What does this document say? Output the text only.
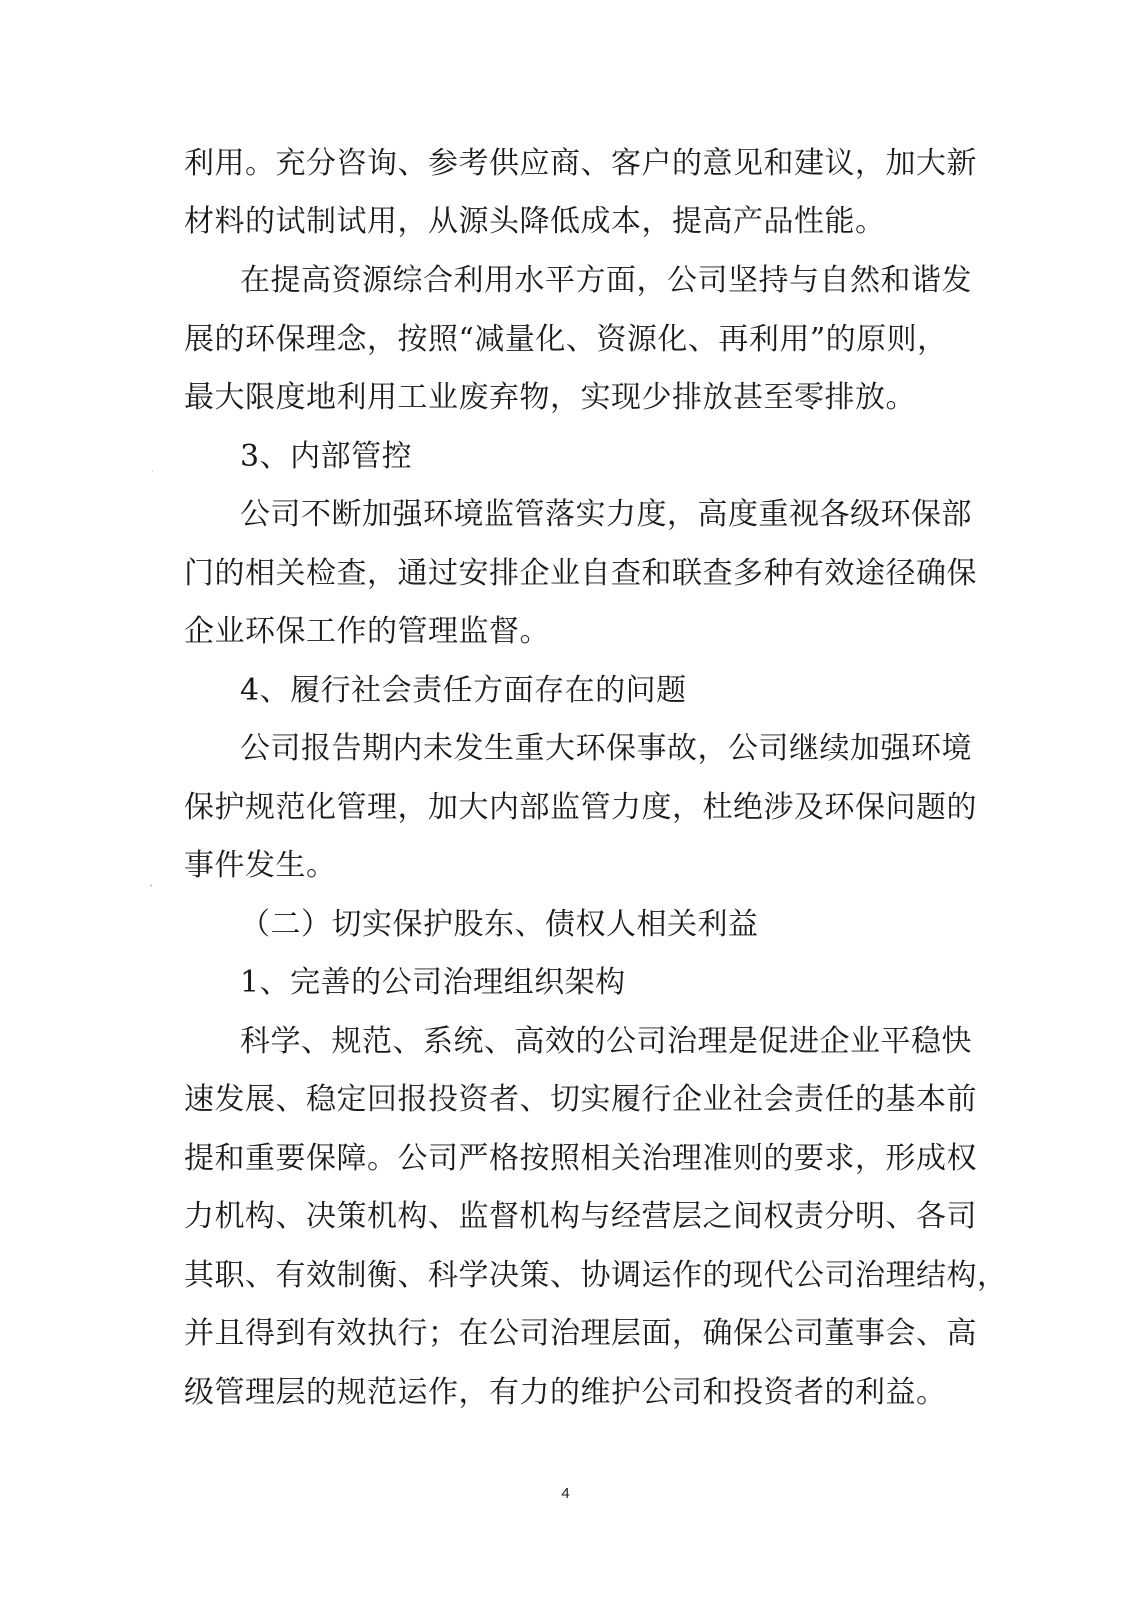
利用。充分咨询、参考供应商、客户的意见和建议，加大新
材料的试制试用，从源头降低成本，提高产品性能。
在提高资源综合利用水平方面，公司坚持与自然和谐发
展的环保理念，按照“减量化、资源化、再利用”的原则，
最大限度地利用工业废弃物，实现少排放甚至零排放。
3、内部管控
公司不断加强环境监管落实力度，高度重视各级环保部
门的相关检查，通过安排企业自查和联查多种有效途径确保
企业环保工作的管理监督。
4、履行社会责任方面存在的问题
公司报告期内未发生重大环保事故，公司继续加强环境
保护规范化管理，加大内部监管力度，杜绝涉及环保问题的
事件发生。
（二）切实保护股东、债权人相关利益
1、完善的公司治理组织架构
科学、规范、系统、高效的公司治理是促进企业平稳快
速发展、稳定回报投资者、切实履行企业社会责任的基本前
提和重要保障。公司严格按照相关治理准则的要求，形成权
力机构、决策机构、监督机构与经营层之间权责分明、各司
其职、有效制衡、科学决策、协调运作的现代公司治理结构，
并且得到有效执行；在公司治理层面，确保公司董事会、高
级管理层的规范运作，有力的维护公司和投资者的利益。
4
